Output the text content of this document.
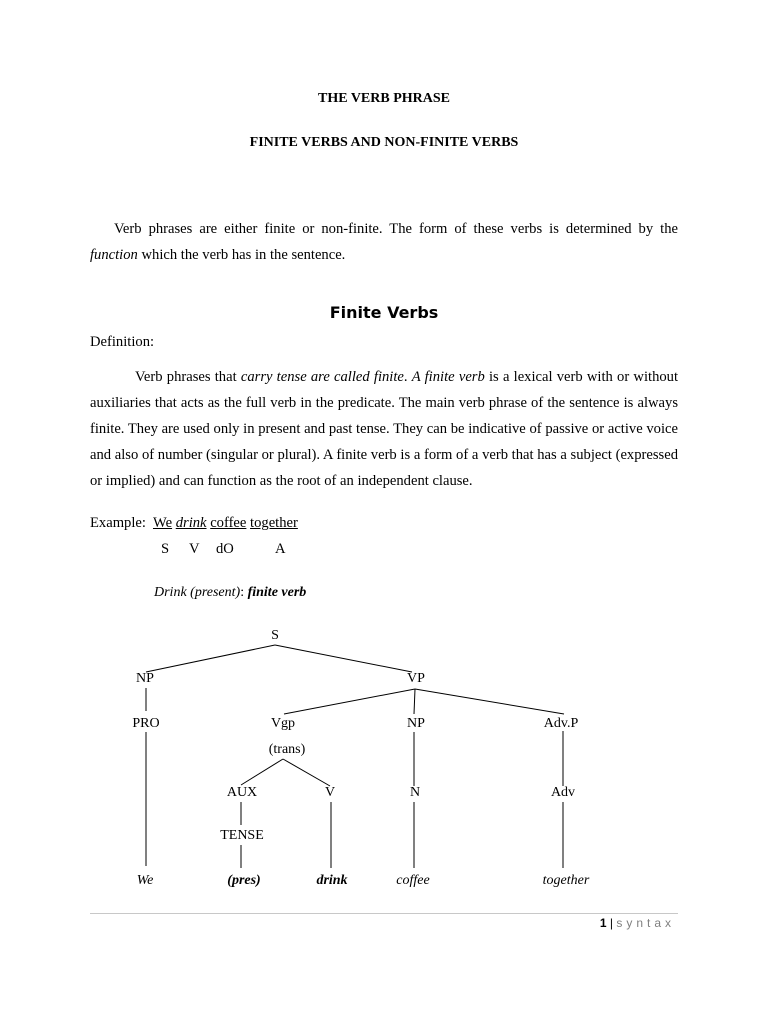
THE VERB PHRASE
FINITE VERBS AND NON-FINITE VERBS
Verb phrases are either finite or non-finite. The form of these verbs is determined by the function which the verb has in the sentence.
Finite Verbs
Definition:
Verb phrases that carry tense are called finite. A finite verb is a lexical verb with or without auxiliaries that acts as the full verb in the predicate. The main verb phrase of the sentence is always finite. They are used only in present and past tense. They can be indicative of passive or active voice and also of number (singular or plural). A finite verb is a form of a verb that has a subject (expressed or implied) and can function as the root of an independent clause.
Example: We drink coffee together
S V dO	A
Drink (present): finite verb
S
NP	VP
PRO	Vgp
(trans)
NP	Adv.P
AUX	V	N	Adv
TENSE
We	(pres)	drink	coffee	together
1 | syntax
